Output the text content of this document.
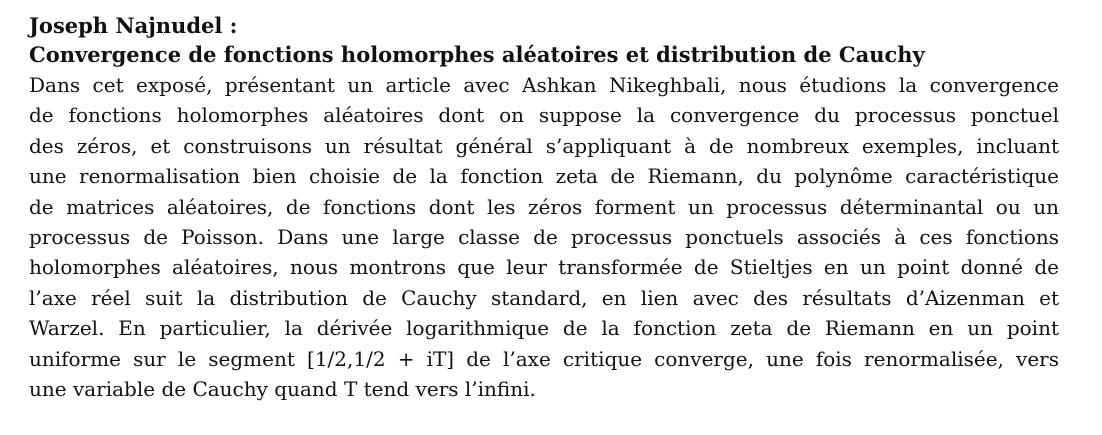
Joseph Najnudel :

Convergence de fonctions holomorphes aléatoires et distribution de Cauchy

Dans cet exposé, présentant un article avec Ashkan Nikeghbali, nous étudions la convergence
de fonctions holomorphes aléatoires dont on suppose la convergence du processus ponctuel
des zéros, et construisons un résultat général s’appliquant à de nombreux exemples, incluant
une renormalisation bien choisie de la fonction zeta de Riemann, du polynôme caractéristique
de matrices aléatoires, de fonctions dont les zéros forment un processus déterminantal ou un
processus de Poisson. Dans une large classe de processus ponctuels associés à ces fonctions
holomorphes aléatoires, nous montrons que leur transformée de Stieltjes en un point donné de
l’axe réel suit la distribution de Cauchy standard, en lien avec des résultats d’Aizenman et
Warzel. En particulier, la dérivée logarithmique de la fonction zeta de Riemann en un point
uniforme sur le segment [1/2,1/2 + iT] de l’axe critique converge, une fois renormalisée, vers
une variable de Cauchy quand T tend vers l’infini.
